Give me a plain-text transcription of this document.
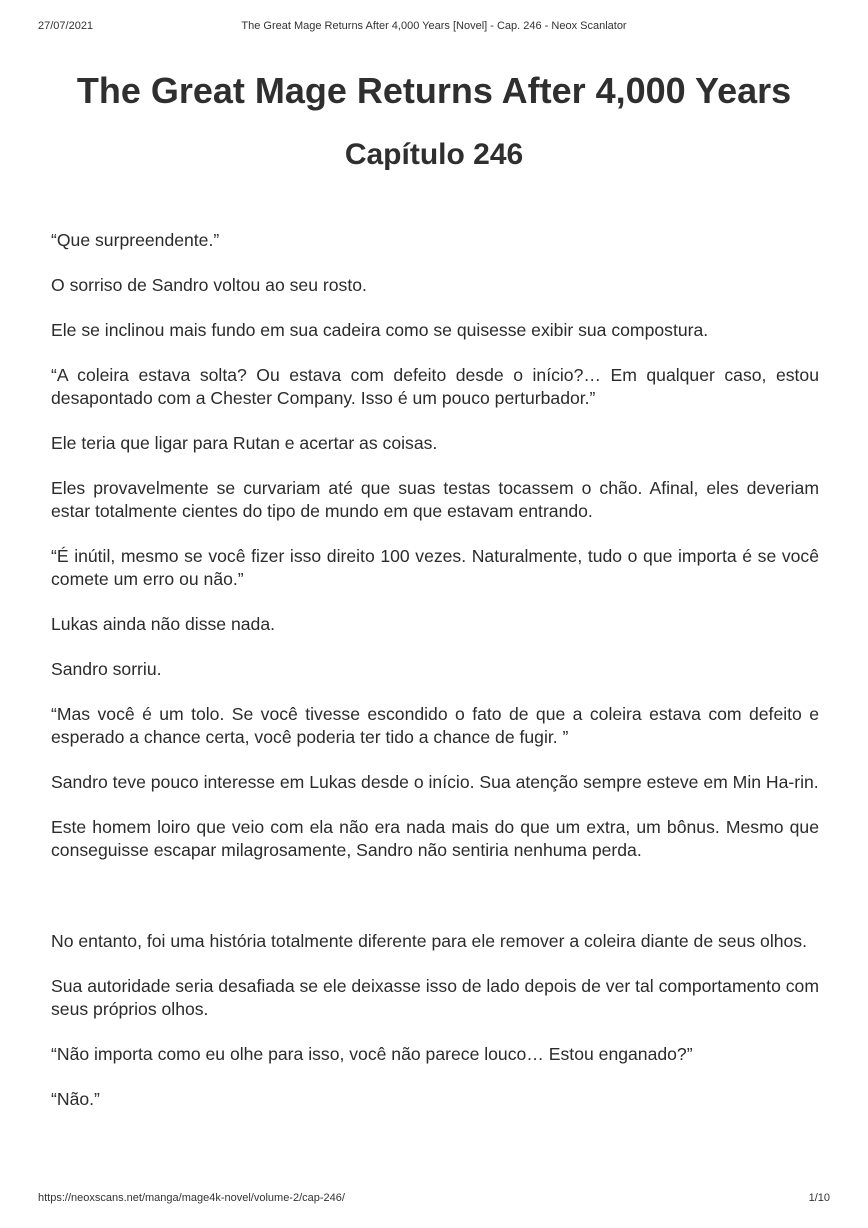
27/07/2021	The Great Mage Returns After 4,000 Years [Novel] - Cap. 246 - Neox Scanlator
The Great Mage Returns After 4,000 Years
Capítulo 246

“Que surpreendente.”

O sorriso de Sandro voltou ao seu rosto.

Ele se inclinou mais fundo em sua cadeira como se quisesse exibir sua compostura.

“A coleira estava solta? Ou estava com defeito desde o início?… Em qualquer caso, estou desapontado com a Chester Company. Isso é um pouco perturbador.”

Ele teria que ligar para Rutan e acertar as coisas.

Eles provavelmente se curvariam até que suas testas tocassem o chão. Afinal, eles deveriam estar totalmente cientes do tipo de mundo em que estavam entrando.

“É inútil, mesmo se você fizer isso direito 100 vezes. Naturalmente, tudo o que importa é se você comete um erro ou não.”

Lukas ainda não disse nada.

Sandro sorriu.

“Mas você é um tolo. Se você tivesse escondido o fato de que a coleira estava com defeito e esperado a chance certa, você poderia ter tido a chance de fugir. ”

Sandro teve pouco interesse em Lukas desde o início. Sua atenção sempre esteve em Min Ha-rin.

Este homem loiro que veio com ela não era nada mais do que um extra, um bônus. Mesmo que conseguisse escapar milagrosamente, Sandro não sentiria nenhuma perda.

No entanto, foi uma história totalmente diferente para ele remover a coleira diante de seus olhos.

Sua autoridade seria desafiada se ele deixasse isso de lado depois de ver tal comportamento com seus próprios olhos.

“Não importa como eu olhe para isso, você não parece louco… Estou enganado?”

“Não.”

https://neoxscans.net/manga/mage4k-novel/volume-2/cap-246/	1/10
